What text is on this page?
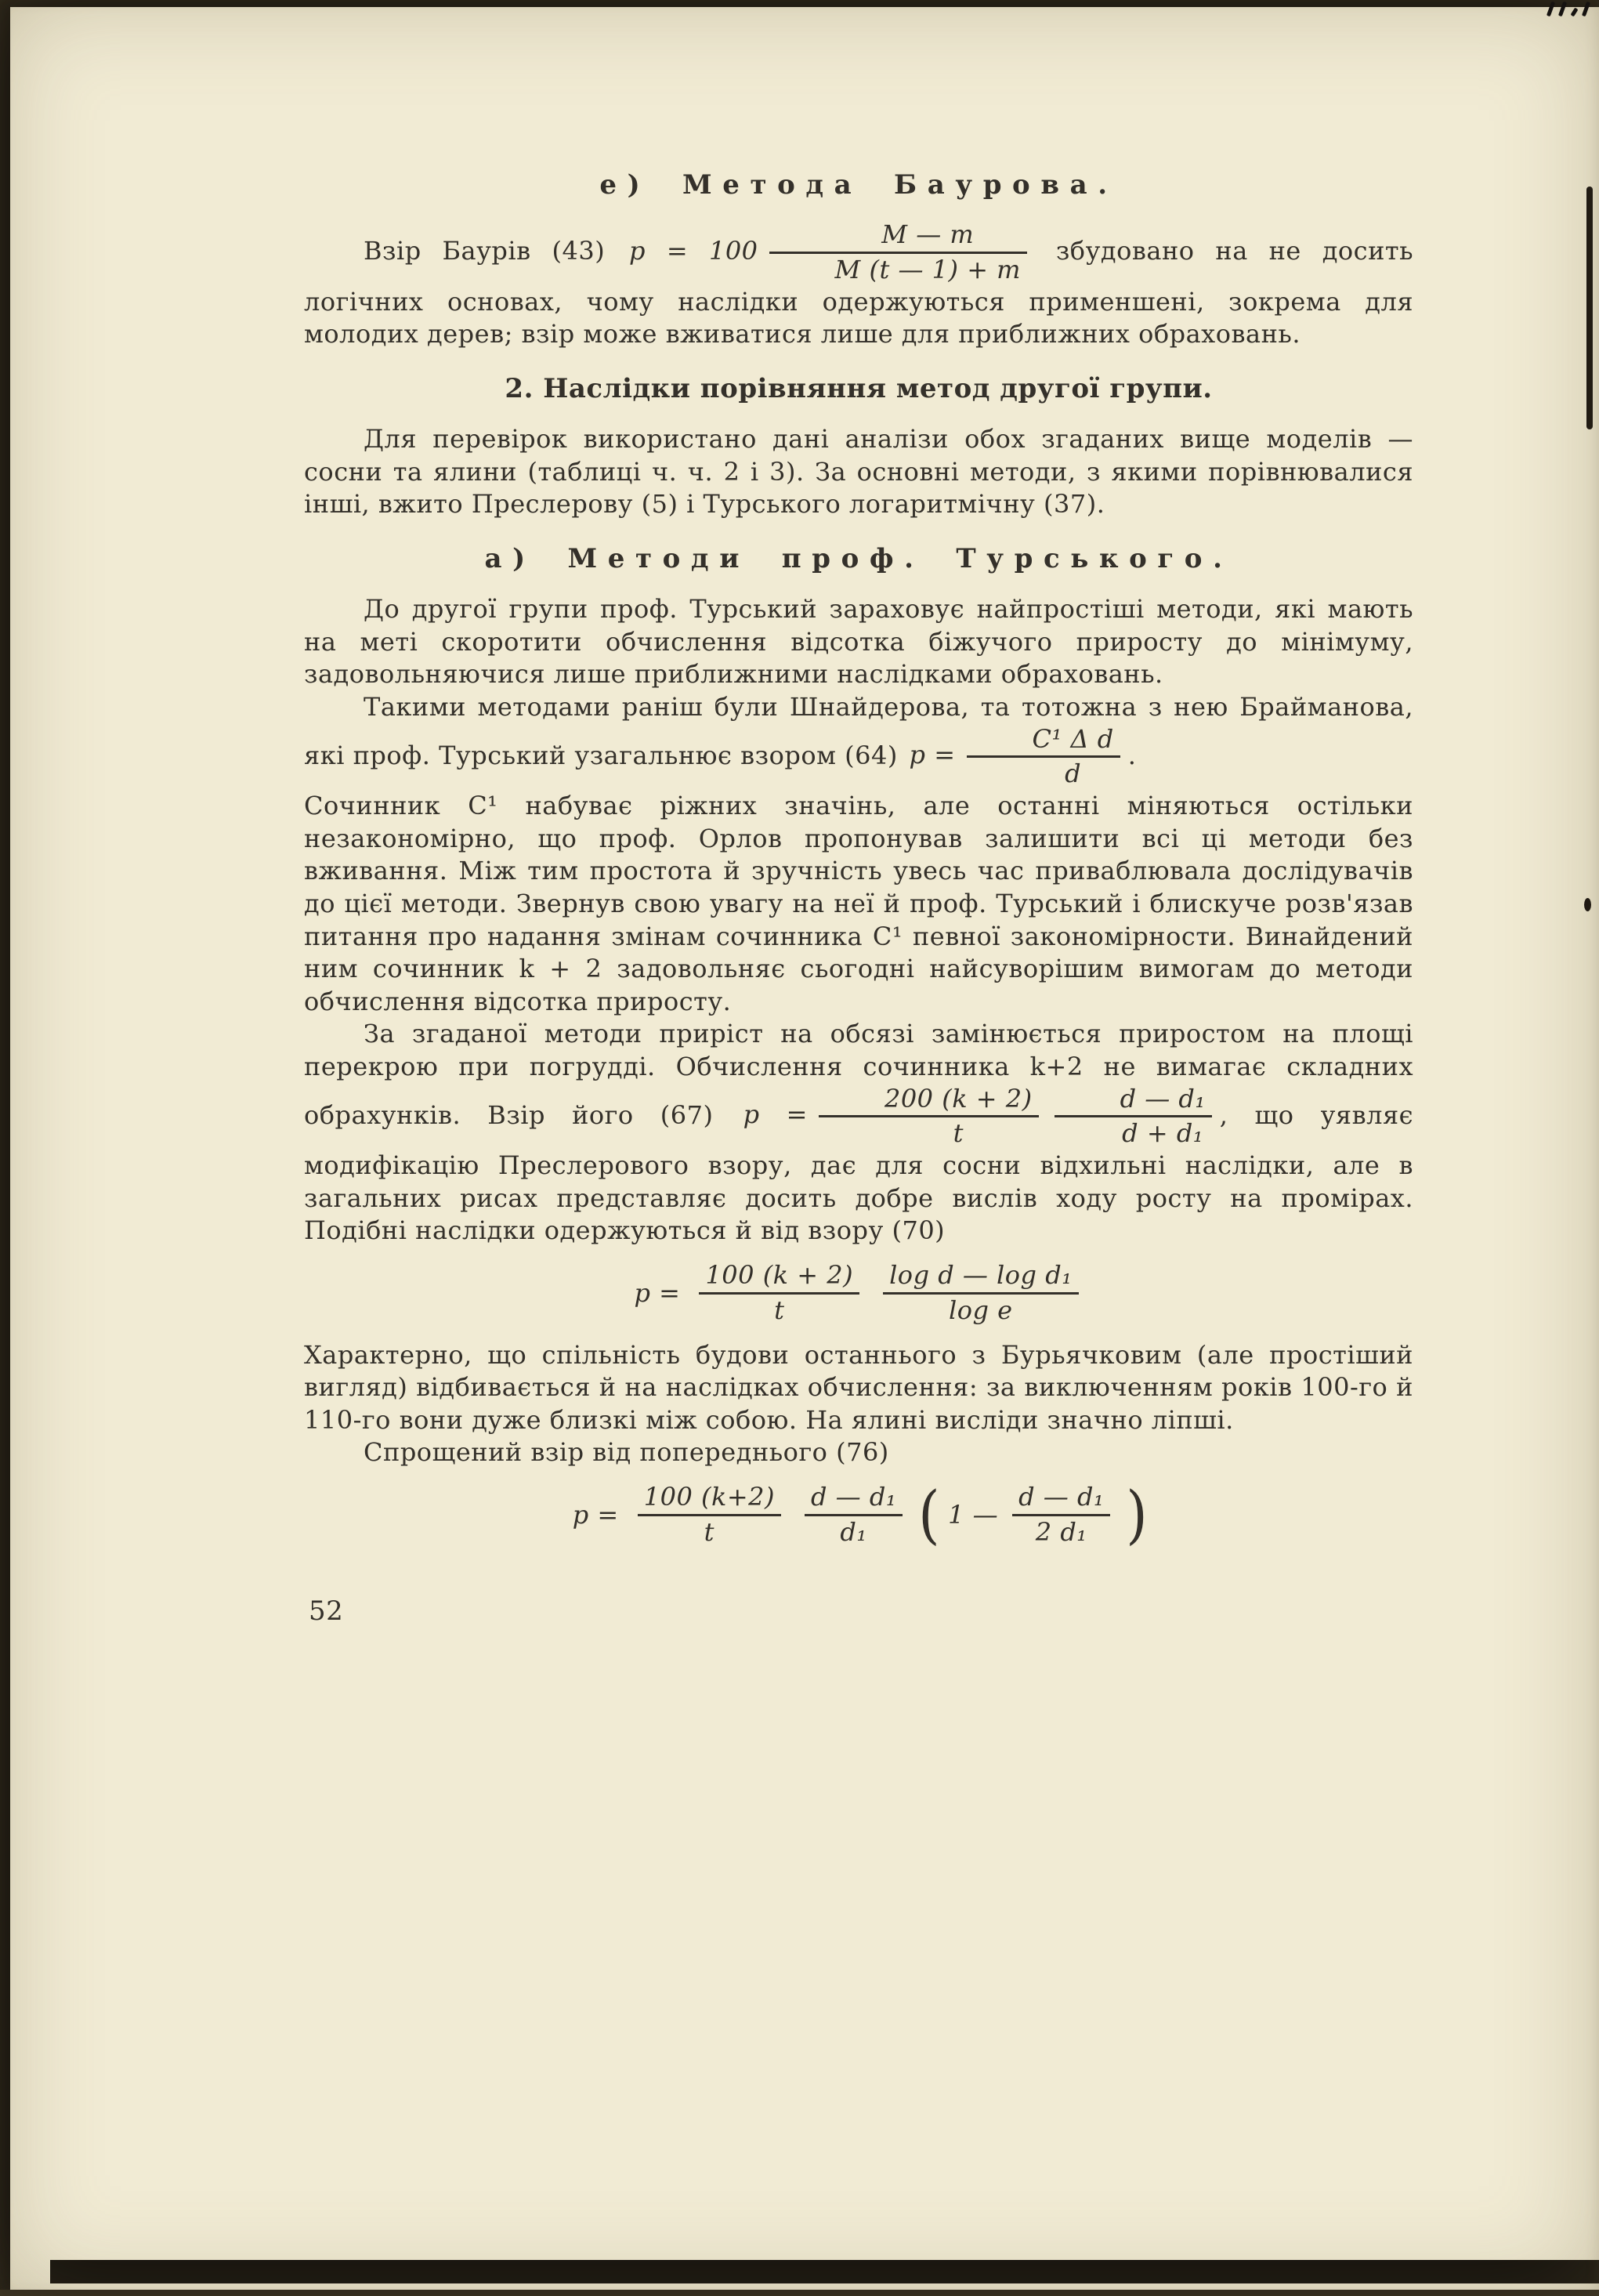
е) Метода Баурова.

Взір Баурів (43) $p = 100 \frac{M — m}{M (t — 1) + m}$ збудовано на не досить логічних основах, чому наслідки одержуються применшені, зокрема для молодих дерев; взір може вживатися лише для приближних обраховань.

2. Наслідки порівняння метод другої групи.

Для перевірок використано дані аналізи обох згаданих вище моделів — сосни та ялини (таблиці ч. ч. 2 і 3). За основні методи, з якими порівнювалися інші, вжито Преслерову (5) і Турського логаритмічну (37).

а) Методи проф. Турського.

До другої групи проф. Турський зараховує найпростіші методи, які мають на меті скоротити обчислення відсотка біжучого приросту до мінімуму, задовольняючися лише приближними наслідками обраховань.

Такими методами раніш були Шнайдерова, та тотожна з нею Брайманова, які проф. Турський узагальнює взором (64) $p = \frac{\text{C¹ Δ d}}{d}$ .

Сочинник C¹ набуває ріжних значінь, але останні міняються остільки незакономірно, що проф. Орлов пропонував залишити всі ці методи без вживання. Між тим простота й зручність увесь час приваблювала дослідувачів до цієї методи. Звернув свою увагу на неї й проф. Турський і блискуче розв'язав питання про надання змінам сочинника C¹ певної закономірности. Винайдений ним сочинник k + 2 задовольняє сьогодні найсуворішим вимогам до методи обчислення відсотка приросту.

За згаданої методи приріст на обсязі замінюється приростом на площі перекрою при погрудді. Обчислення сочинника k+2 не вимагає складних обрахунків. Взір його (67) $p = \frac{200 (k + 2)}{t} \frac{\text{d — d₁}}{\text{d + d₁}}$ , що уявляє модифікацію Преслерового взору, дає для сосни відхильні наслідки, але в загальних рисах представляє досить добре вислів ходу росту на промірах. Подібні наслідки одержуються й від взору (70)

$p = \frac{100 (k + 2)}{t} \frac{\text{log d — log d₁}}{\text{log e}}$

Характерно, що спільність будови останнього з Бурьячковим (але простіший вигляд) відбивається й на наслідках обчислення: за виключенням років 100-го й 110-го вони дуже близкі між собою. На ялині висліди значно ліпші.

Спрощений взір від попереднього (76)

$p = \frac{100 (k+2)}{t} \frac{\text{d — d₁}}{\text{d₁}}$ ( 1 — $\frac{\text{d — d₁}}{\text{2 d₁}}$ )
52
